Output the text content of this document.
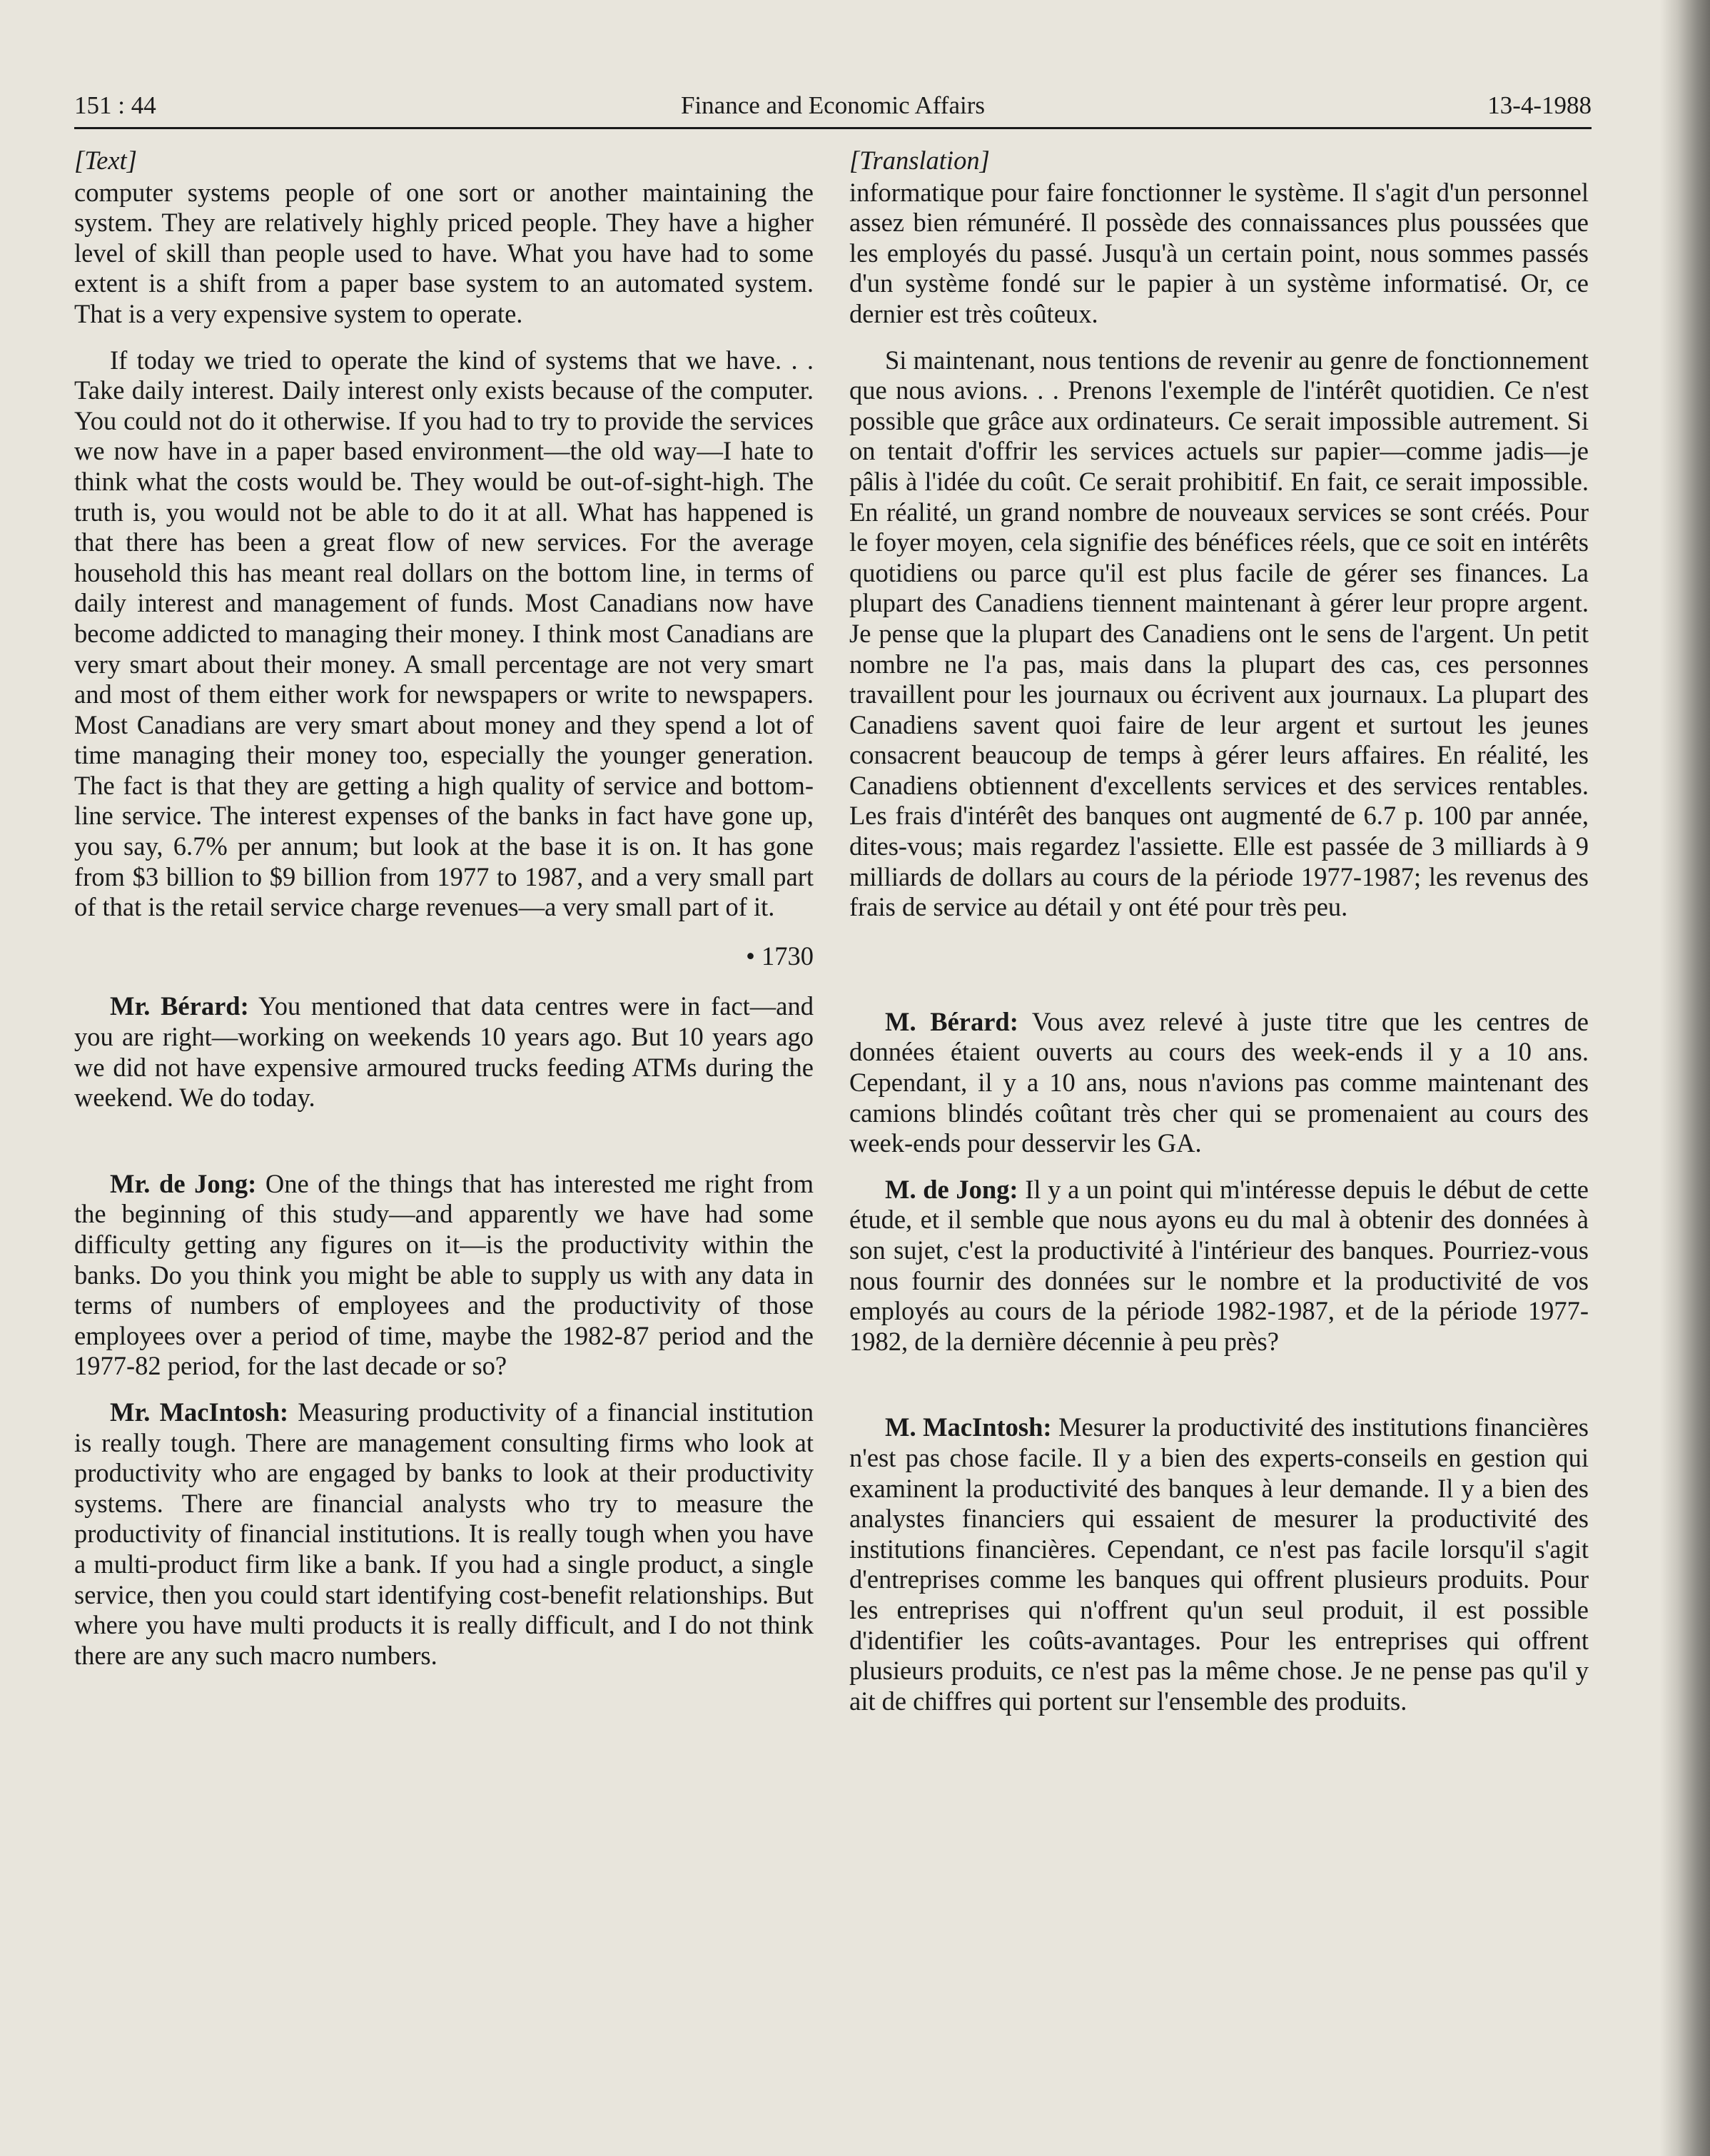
151 : 44	Finance and Economic Affairs	13-4-1988
[Text]

computer systems people of one sort or another maintaining the system. They are relatively highly priced people. They have a higher level of skill than people used to have. What you have had to some extent is a shift from a paper base system to an automated system. That is a very expensive system to operate.

If today we tried to operate the kind of systems that we have. . . Take daily interest. Daily interest only exists because of the computer. You could not do it otherwise. If you had to try to provide the services we now have in a paper based environment—the old way—I hate to think what the costs would be. They would be out-of-sight-high. The truth is, you would not be able to do it at all. What has happened is that there has been a great flow of new services. For the average household this has meant real dollars on the bottom line, in terms of daily interest and management of funds. Most Canadians now have become addicted to managing their money. I think most Canadians are very smart about their money. A small percentage are not very smart and most of them either work for newspapers or write to newspapers. Most Canadians are very smart about money and they spend a lot of time managing their money too, especially the younger generation. The fact is that they are getting a high quality of service and bottom-line service. The interest expenses of the banks in fact have gone up, you say, 6.7% per annum; but look at the base it is on. It has gone from $3 billion to $9 billion from 1977 to 1987, and a very small part of that is the retail service charge revenues—a very small part of it.

• 1730

Mr. Bérard: You mentioned that data centres were in fact—and you are right—working on weekends 10 years ago. But 10 years ago we did not have expensive armoured trucks feeding ATMs during the weekend. We do today.

Mr. de Jong: One of the things that has interested me right from the beginning of this study—and apparently we have had some difficulty getting any figures on it—is the productivity within the banks. Do you think you might be able to supply us with any data in terms of numbers of employees and the productivity of those employees over a period of time, maybe the 1982-87 period and the 1977-82 period, for the last decade or so?

Mr. MacIntosh: Measuring productivity of a financial institution is really tough. There are management consulting firms who look at productivity who are engaged by banks to look at their productivity systems. There are financial analysts who try to measure the productivity of financial institutions. It is really tough when you have a multi-product firm like a bank. If you had a single product, a single service, then you could start identifying cost-benefit relationships. But where you have multi products it is really difficult, and I do not think there are any such macro numbers.

[Translation]

informatique pour faire fonctionner le système. Il s'agit d'un personnel assez bien rémunéré. Il possède des connaissances plus poussées que les employés du passé. Jusqu'à un certain point, nous sommes passés d'un système fondé sur le papier à un système informatisé. Or, ce dernier est très coûteux.

Si maintenant, nous tentions de revenir au genre de fonctionnement que nous avions. . . Prenons l'exemple de l'intérêt quotidien. Ce n'est possible que grâce aux ordinateurs. Ce serait impossible autrement. Si on tentait d'offrir les services actuels sur papier—comme jadis—je pâlis à l'idée du coût. Ce serait prohibitif. En fait, ce serait impossible. En réalité, un grand nombre de nouveaux services se sont créés. Pour le foyer moyen, cela signifie des bénéfices réels, que ce soit en intérêts quotidiens ou parce qu'il est plus facile de gérer ses finances. La plupart des Canadiens tiennent maintenant à gérer leur propre argent. Je pense que la plupart des Canadiens ont le sens de l'argent. Un petit nombre ne l'a pas, mais dans la plupart des cas, ces personnes travaillent pour les journaux ou écrivent aux journaux. La plupart des Canadiens savent quoi faire de leur argent et surtout les jeunes consacrent beaucoup de temps à gérer leurs affaires. En réalité, les Canadiens obtiennent d'excellents services et des services rentables. Les frais d'intérêt des banques ont augmenté de 6.7 p. 100 par année, dites-vous; mais regardez l'assiette. Elle est passée de 3 milliards à 9 milliards de dollars au cours de la période 1977-1987; les revenus des frais de service au détail y ont été pour très peu.

M. Bérard: Vous avez relevé à juste titre que les centres de données étaient ouverts au cours des week-ends il y a 10 ans. Cependant, il y a 10 ans, nous n'avions pas comme maintenant des camions blindés coûtant très cher qui se promenaient au cours des week-ends pour desservir les GA.

M. de Jong: Il y a un point qui m'intéresse depuis le début de cette étude, et il semble que nous ayons eu du mal à obtenir des données à son sujet, c'est la productivité à l'intérieur des banques. Pourriez-vous nous fournir des données sur le nombre et la productivité de vos employés au cours de la période 1982-1987, et de la période 1977-1982, de la dernière décennie à peu près?

M. MacIntosh: Mesurer la productivité des institutions financières n'est pas chose facile. Il y a bien des experts-conseils en gestion qui examinent la productivité des banques à leur demande. Il y a bien des analystes financiers qui essaient de mesurer la productivité des institutions financières. Cependant, ce n'est pas facile lorsqu'il s'agit d'entreprises comme les banques qui offrent plusieurs produits. Pour les entreprises qui n'offrent qu'un seul produit, il est possible d'identifier les coûts-avantages. Pour les entreprises qui offrent plusieurs produits, ce n'est pas la même chose. Je ne pense pas qu'il y ait de chiffres qui portent sur l'ensemble des produits.
